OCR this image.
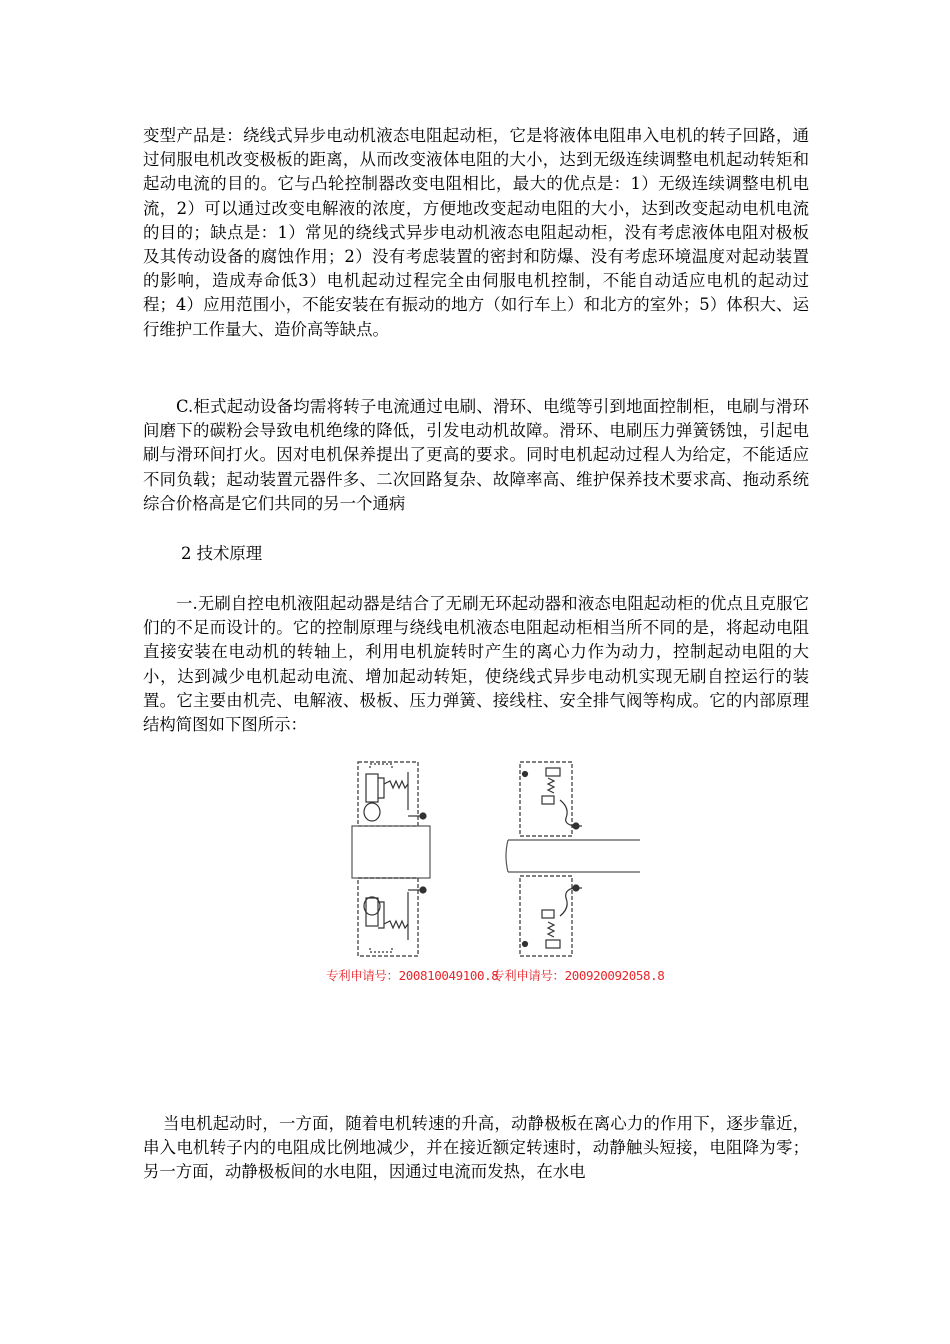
变型产品是：绕线式异步电动机液态电阻起动柜，它是将液体电阻串入电机的转子回路，通过伺服电机改变极板的距离，从而改变液体电阻的大小，达到无级连续调整电机起动转矩和起动电流的目的。它与凸轮控制器改变电阻相比，最大的优点是：1）无级连续调整电机电流，2）可以通过改变电解液的浓度，方便地改变起动电阻的大小，达到改变起动电机电流的目的；缺点是：1）常见的绕线式异步电动机液态电阻起动柜，没有考虑液体电阻对极板及其传动设备的腐蚀作用；2）没有考虑装置的密封和防爆、没有考虑环境温度对起动装置的影响，造成寿命低3）电机起动过程完全由伺服电机控制，不能自动适应电机的起动过程；4）应用范围小，不能安装在有振动的地方（如行车上）和北方的室外；5）体积大、运行维护工作量大、造价高等缺点。

C.柜式起动设备均需将转子电流通过电刷、滑环、电缆等引到地面控制柜，电刷与滑环间磨下的碳粉会导致电机绝缘的降低，引发电动机故障。滑环、电刷压力弹簧锈蚀，引起电刷与滑环间打火。因对电机保养提出了更高的要求。同时电机起动过程人为给定，不能适应不同负载；起动装置元器件多、二次回路复杂、故障率高、维护保养技术要求高、拖动系统综合价格高是它们共同的另一个通病

2 技术原理

一.无刷自控电机液阻起动器是结合了无刷无环起动器和液态电阻起动柜的优点且克服它们的不足而设计的。它的控制原理与绕线电机液态电阻起动柜相当所不同的是，将起动电阻直接安装在电动机的转轴上，利用电机旋转时产生的离心力作为动力，控制起动电阻的大小，达到减少电机起动电流、增加起动转矩，使绕线式异步电动机实现无刷自控运行的装置。它主要由机壳、电解液、极板、压力弹簧、接线柱、安全排气阀等构成。它的内部原理结构简图如下图所示：

专利申请号：200810049100.8
专利申请号：200920092058.8

当电机起动时，一方面，随着电机转速的升高，动静极板在离心力的作用下，逐步靠近，串入电机转子内的电阻成比例地减少，并在接近额定转速时，动静触头短接，电阻降为零；另一方面，动静极板间的水电阻，因通过电流而发热，在水电
